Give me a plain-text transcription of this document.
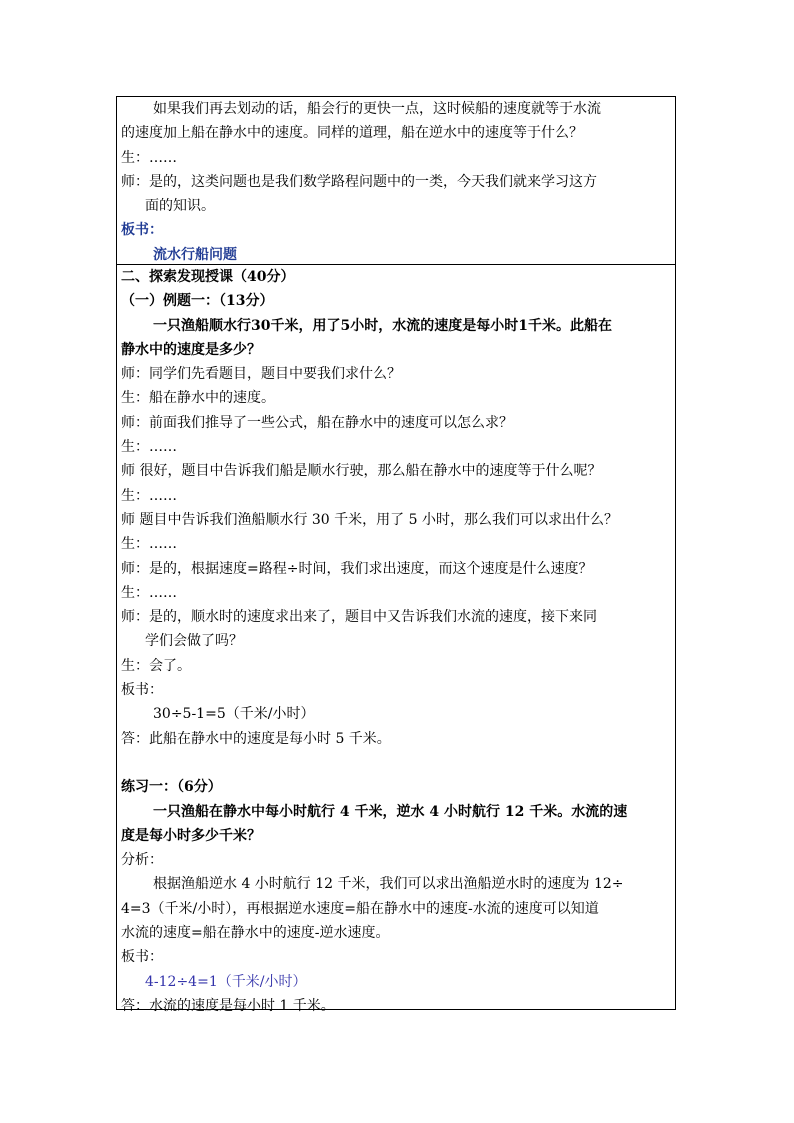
如果我们再去划动的话，船会行的更快一点，这时候船的速度就等于水流
的速度加上船在静水中的速度。同样的道理，船在逆水中的速度等于什么？
生：……
师：是的，这类问题也是我们数学路程问题中的一类，今天我们就来学习这方
面的知识。
板书：
流水行船问题
二、探索发现授课（40分）
（一）例题一：（13分）
一只渔船顺水行30千米，用了5小时，水流的速度是每小时1千米。此船在
静水中的速度是多少？
师：同学们先看题目，题目中要我们求什么？
生：船在静水中的速度。
师：前面我们推导了一些公式，船在静水中的速度可以怎么求？
生：……
师 很好，题目中告诉我们船是顺水行驶，那么船在静水中的速度等于什么呢？
生：……
师 题目中告诉我们渔船顺水行 30 千米，用了 5 小时，那么我们可以求出什么？
生：……
师：是的，根据速度=路程÷时间，我们求出速度，而这个速度是什么速度？
生：……
师：是的，顺水时的速度求出来了，题目中又告诉我们水流的速度，接下来同
学们会做了吗？
生：会了。
板书：
30÷5-1=5（千米/小时）
答：此船在静水中的速度是每小时 5 千米。
练习一：（6分）
一只渔船在静水中每小时航行 4 千米，逆水 4 小时航行 12 千米。水流的速
度是每小时多少千米？
分析：
根据渔船逆水 4 小时航行 12 千米，我们可以求出渔船逆水时的速度为 12÷
4=3（千米/小时），再根据逆水速度=船在静水中的速度-水流的速度可以知道
水流的速度=船在静水中的速度-逆水速度。
板书：
4-12÷4=1（千米/小时）
答：水流的速度是每小时 1 千米。
